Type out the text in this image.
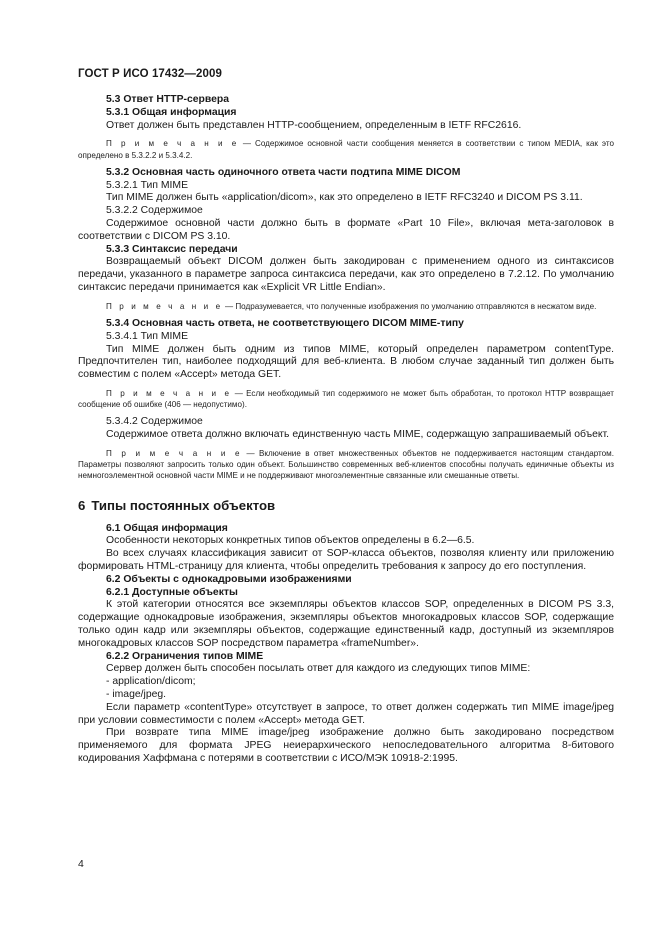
ГОСТ Р ИСО 17432—2009

5.3 Ответ HTTP-сервера

5.3.1 Общая информация

Ответ должен быть представлен HTTP-сообщением, определенным в IETF RFC2616.

П р и м е ч а н и е — Содержимое основной части сообщения меняется в соответствии с типом MEDIA, как это определено в 5.3.2.2 и 5.3.4.2.

5.3.2 Основная часть одиночного ответа части подтипа MIME DICOM

5.3.2.1 Тип MIME

Тип MIME должен быть «application/dicom», как это определено в IETF RFC3240 и DICOM PS 3.11.

5.3.2.2 Содержимое

Содержимое основной части должно быть в формате «Part 10 File», включая мета-заголовок в соответствии с DICOM PS 3.10.

5.3.3 Синтаксис передачи

Возвращаемый объект DICOM должен быть закодирован с применением одного из синтаксисов передачи, указанного в параметре запроса синтаксиса передачи, как это определено в 7.2.12. По умолчанию синтаксис передачи принимается как «Explicit VR Little Endian».

П р и м е ч а н и е — Подразумевается, что полученные изображения по умолчанию отправляются в несжатом виде.

5.3.4 Основная часть ответа, не соответствующего DICOM MIME-типу

5.3.4.1 Тип MIME

Тип MIME должен быть одним из типов MIME, который определен параметром contentType. Предпочтителен тип, наиболее подходящий для веб-клиента. В любом случае заданный тип должен быть совместим с полем «Accept» метода GET.

П р и м е ч а н и е — Если необходимый тип содержимого не может быть обработан, то протокол HTTP возвращает сообщение об ошибке (406 — недопустимо).

5.3.4.2 Содержимое

Содержимое ответа должно включать единственную часть MIME, содержащую запрашиваемый объект.

П р и м е ч а н и е — Включение в ответ множественных объектов не поддерживается настоящим стандартом. Параметры позволяют запросить только один объект. Большинство современных веб-клиентов способны получать единичные объекты из немногоэлементной основной части MIME и не поддерживают многоэлементные связанные или смешанные ответы.

6 Типы постоянных объектов

6.1 Общая информация

Особенности некоторых конкретных типов объектов определены в 6.2—6.5.

Во всех случаях классификация зависит от SOP-класса объектов, позволяя клиенту или приложению формировать HTML-страницу для клиента, чтобы определить требования к запросу до его поступления.

6.2 Объекты с однокадровыми изображениями

6.2.1 Доступные объекты

К этой категории относятся все экземпляры объектов классов SOP, определенных в DICOM PS 3.3, содержащие однокадровые изображения, экземпляры объектов многокадровых классов SOP, содержащие только один кадр или экземпляры объектов, содержащие единственный кадр, доступный из экземпляров многокадровых классов SOP посредством параметра «frameNumber».

6.2.2 Ограничения типов MIME

Сервер должен быть способен посылать ответ для каждого из следующих типов MIME:

- application/dicom;

- image/jpeg.

Если параметр «contentType» отсутствует в запросе, то ответ должен содержать тип MIME image/jpeg при условии совместимости с полем «Accept» метода GET.

При возврате типа MIME image/jpeg изображение должно быть закодировано посредством применяемого для формата JPEG неиерархического непоследовательного алгоритма 8-битового кодирования Хаффмана с потерями в соответствии с ИСО/МЭК 10918-2:1995.

4
